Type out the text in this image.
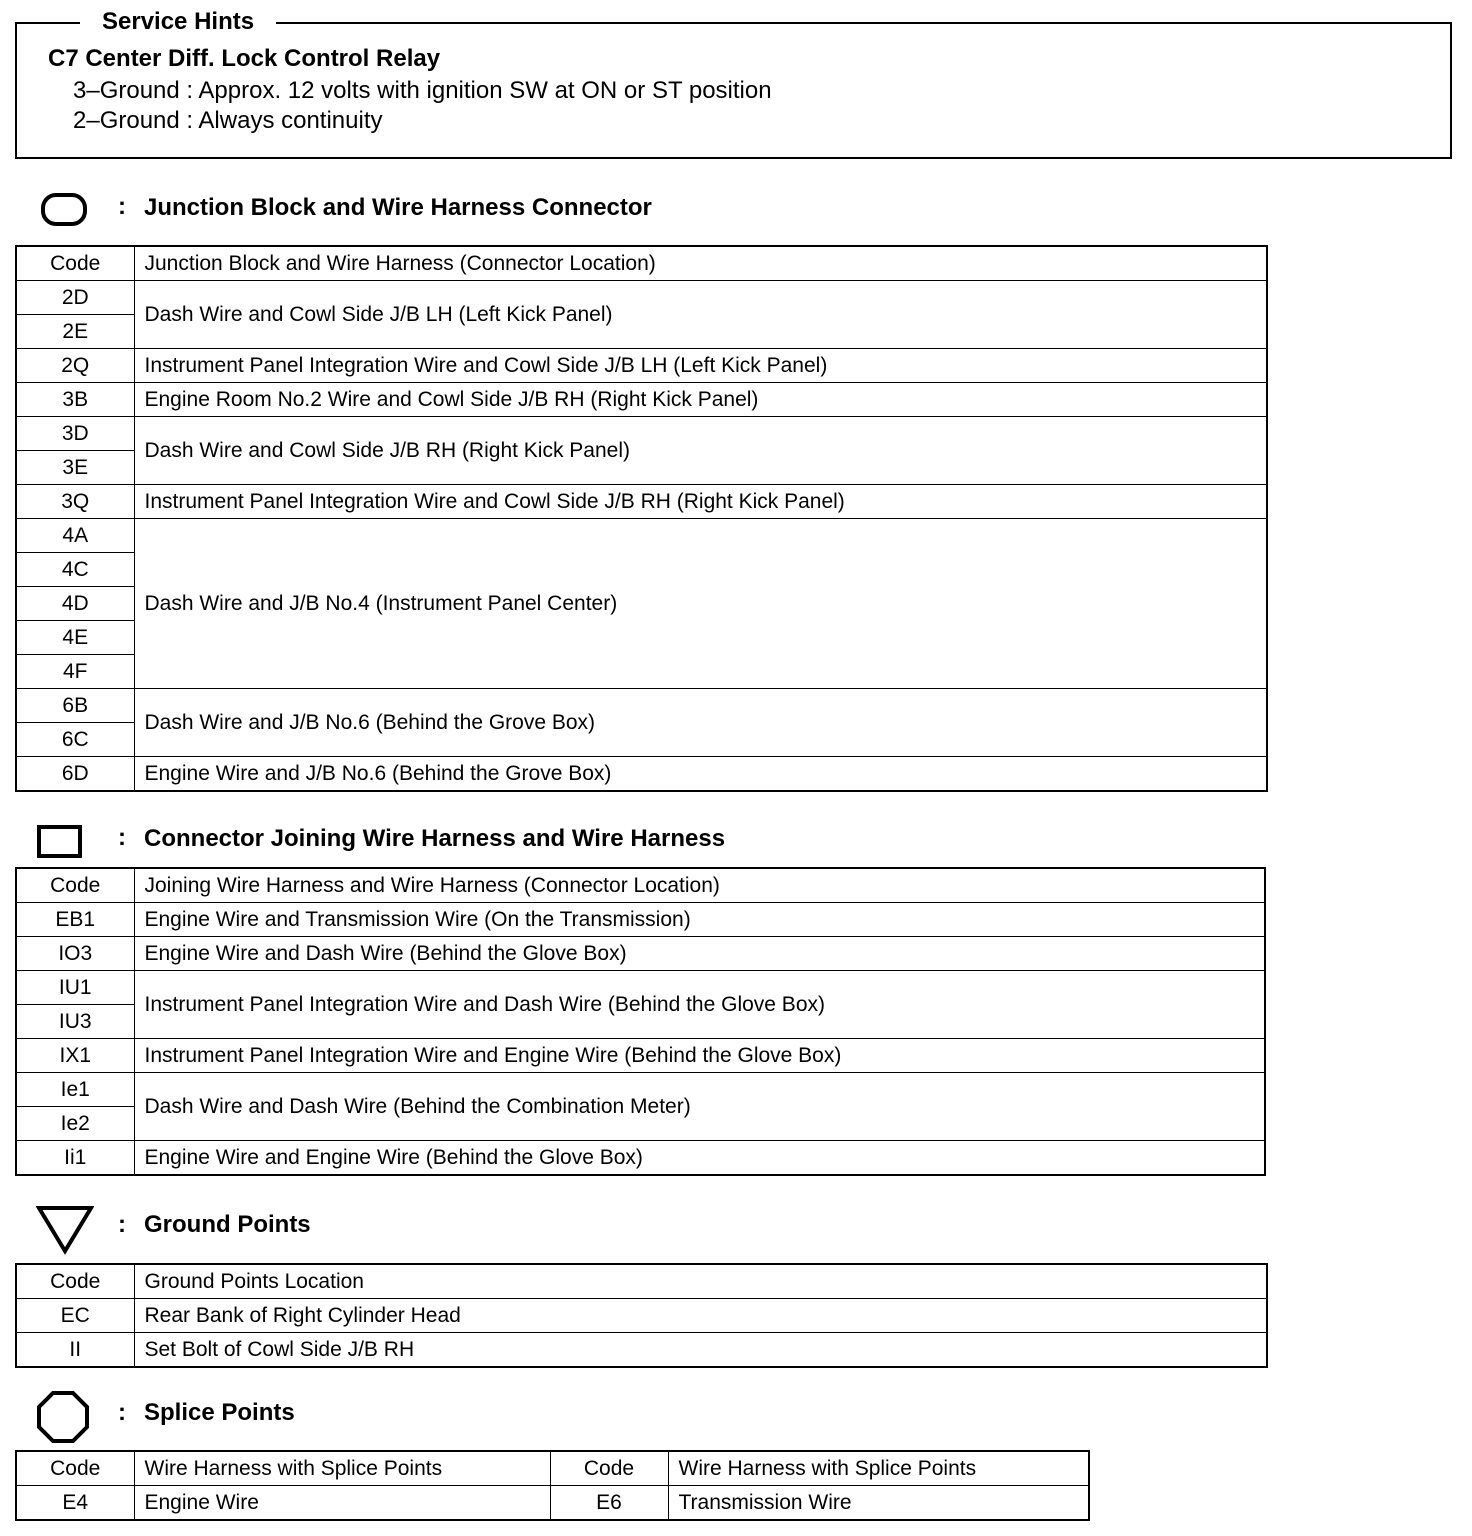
Service Hints
C7 Center Diff. Lock Control Relay
3–Ground : Approx. 12 volts with ignition SW at ON or ST position
2–Ground : Always continuity
: Junction Block and Wire Harness Connector
Code	Junction Block and Wire Harness (Connector Location)
2D	Dash Wire and Cowl Side J/B LH (Left Kick Panel)
2E	
2Q	Instrument Panel Integration Wire and Cowl Side J/B LH (Left Kick Panel)
3B	Engine Room No.2 Wire and Cowl Side J/B RH (Right Kick Panel)
3D	Dash Wire and Cowl Side J/B RH (Right Kick Panel)
3E	
3Q	Instrument Panel Integration Wire and Cowl Side J/B RH (Right Kick Panel)
4A	Dash Wire and J/B No.4 (Instrument Panel Center)
4C	
4D	
4E	
4F	
6B	Dash Wire and J/B No.6 (Behind the Grove Box)
6C	
6D	Engine Wire and J/B No.6 (Behind the Grove Box)
: Connector Joining Wire Harness and Wire Harness
Code	Joining Wire Harness and Wire Harness (Connector Location)
EB1	Engine Wire and Transmission Wire (On the Transmission)
IO3	Engine Wire and Dash Wire (Behind the Glove Box)
IU1	Instrument Panel Integration Wire and Dash Wire (Behind the Glove Box)
IU3	
IX1	Instrument Panel Integration Wire and Engine Wire (Behind the Glove Box)
Ie1	Dash Wire and Dash Wire (Behind the Combination Meter)
Ie2	
Ii1	Engine Wire and Engine Wire (Behind the Glove Box)
: Ground Points
Code	Ground Points Location
EC	Rear Bank of Right Cylinder Head
II	Set Bolt of Cowl Side J/B RH
: Splice Points
Code	Wire Harness with Splice Points	Code	Wire Harness with Splice Points
E4	Engine Wire	E6	Transmission Wire
